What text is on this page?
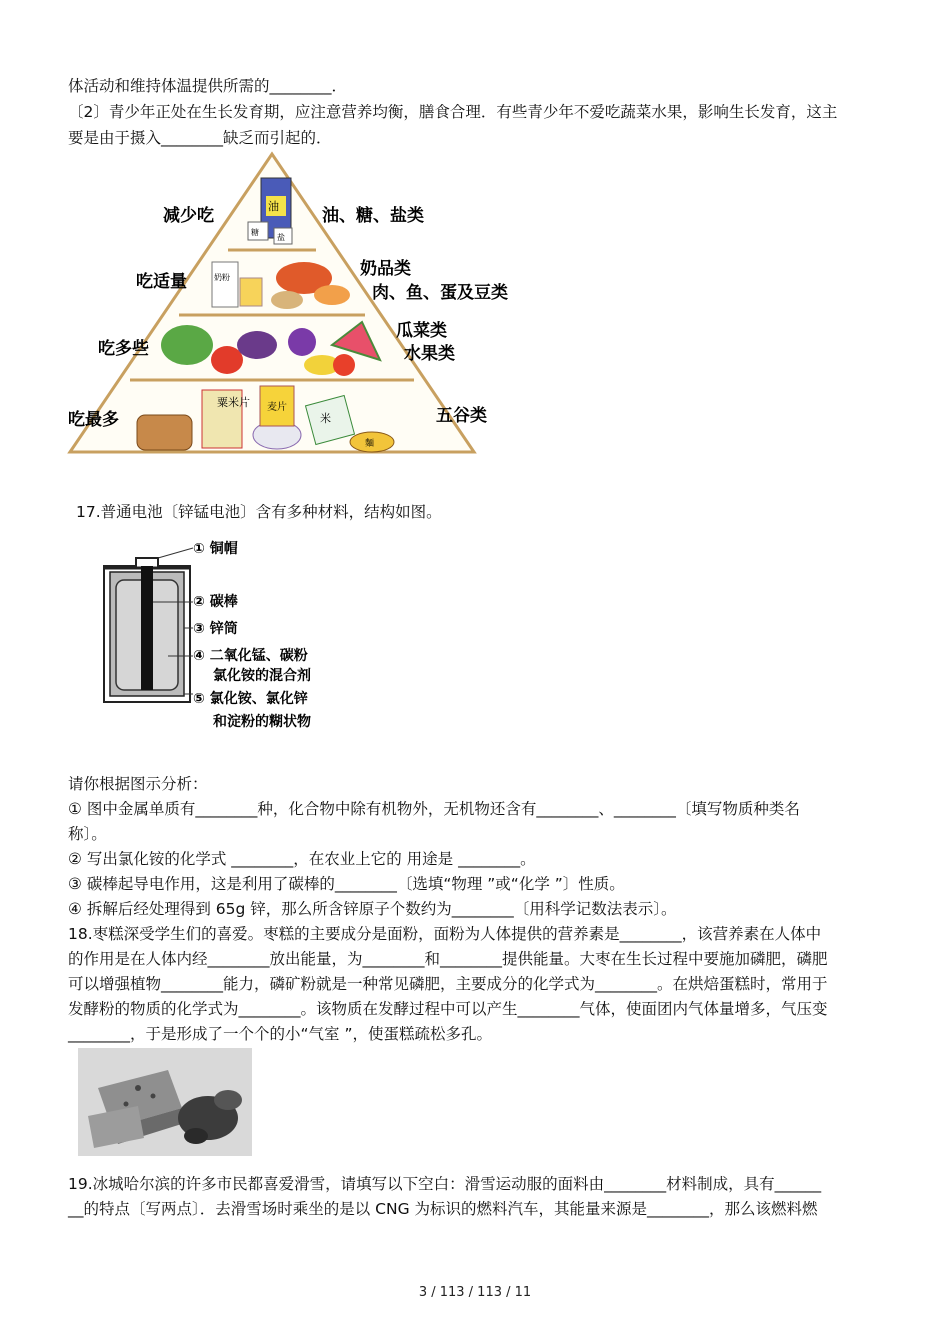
体活动和维持体温提供所需的________．
〔2〕青少年正处在生长发育期，应注意营养均衡，膳食合理．有些青少年不爱吃蔬菜水果，影响生长发育，这主
要是由于摄入________缺乏而引起的．
油
糖
盐
奶粉
粟米片 麦片
米
麵
减少吃
吃适量
吃多些
吃最多
油、糖、盐类
奶品类
肉、鱼、蛋及豆类
瓜菜类
水果类
五谷类
17.普通电池〔锌锰电池〕含有多种材料，结构如图。
① 铜帽
② 碳棒
③ 锌筒
④ 二氧化锰、碳粉
氯化铵的混合剂
⑤ 氯化铵、氯化锌
和淀粉的糊状物
请你根据图示分析：
① 图中金属单质有________种，化合物中除有机物外，无机物还含有________、________〔填写物质种类名
称〕。
② 写出氯化铵的化学式 ________，在农业上它的 用途是 ________。
③ 碳棒起导电作用，这是利用了碳棒的________〔选填“物理 ”或“化学 ”〕性质。
④ 拆解后经处理得到 65g 锌，那么所含锌原子个数约为________〔用科学记数法表示〕。
18.枣糕深受学生们的喜爱。枣糕的主要成分是面粉，面粉为人体提供的营养素是________，该营养素在人体中
的作用是在人体内经________放出能量，为________和________提供能量。大枣在生长过程中要施加磷肥，磷肥
可以增强植物________能力，磷矿粉就是一种常见磷肥，主要成分的化学式为________。在烘焙蛋糕时，常用于
发酵粉的物质的化学式为________。该物质在发酵过程中可以产生________气体，使面团内气体量增多，气压变
________，于是形成了一个个的小“气室 ”，使蛋糕疏松多孔。
19.冰城哈尔滨的许多市民都喜爱滑雪，请填写以下空白：滑雪运动服的面料由________材料制成，具有______
__的特点〔写两点〕．去滑雪场时乘坐的是以 CNG 为标识的燃料汽车，其能量来源是________，那么该燃料燃
3 / 113 / 113 / 11
